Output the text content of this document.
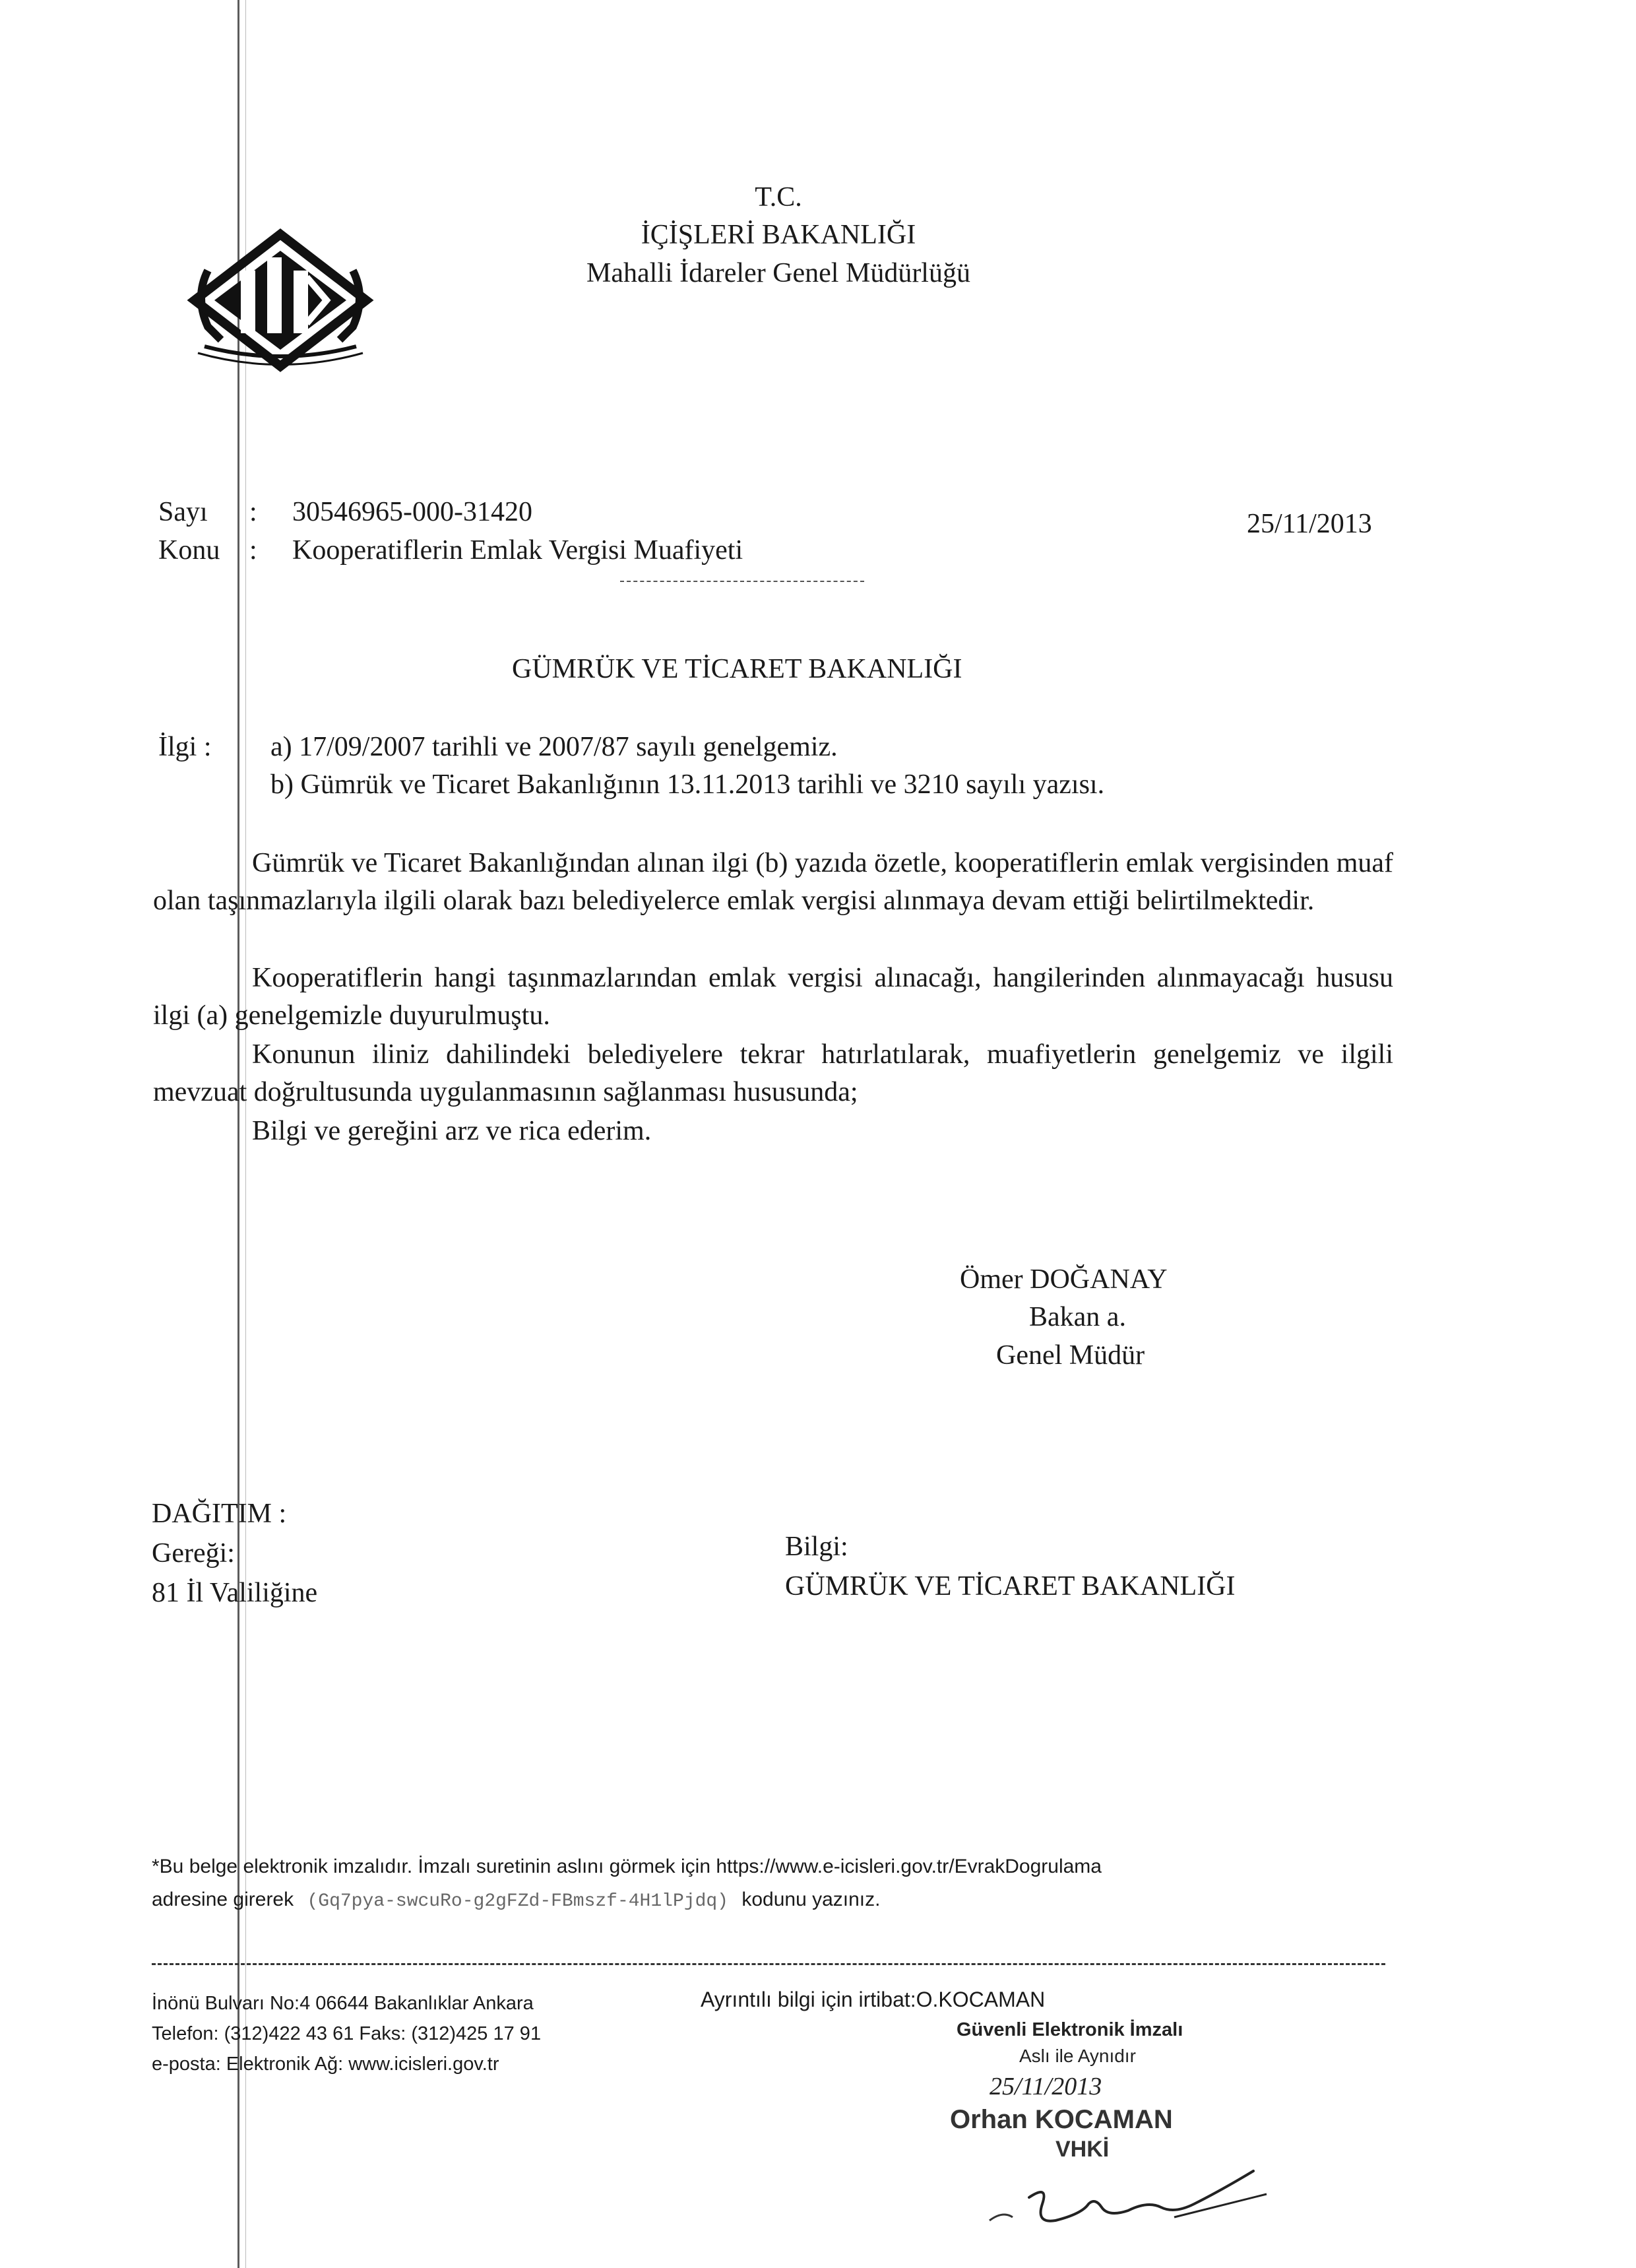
T.C.
İÇİŞLERİ BAKANLIĞI
Mahalli İdareler Genel Müdürlüğü
Sayı : 30546965-000-31420
Konu : Kooperatiflerin Emlak Vergisi Muafiyeti
25/11/2013
GÜMRÜK VE TİCARET BAKANLIĞI
İlgi : a) 17/09/2007 tarihli ve 2007/87 sayılı genelgemiz.
b) Gümrük ve Ticaret Bakanlığının 13.11.2013 tarihli ve 3210 sayılı yazısı.
Gümrük ve Ticaret Bakanlığından alınan ilgi (b) yazıda özetle, kooperatiflerin emlak vergisinden muaf olan taşınmazlarıyla ilgili olarak bazı belediyelerce emlak vergisi alınmaya devam ettiği belirtilmektedir.
Kooperatiflerin hangi taşınmazlarından emlak vergisi alınacağı, hangilerinden alınmayacağı hususu ilgi (a) genelgemizle duyurulmuştu.
Konunun iliniz dahilindeki belediyelere tekrar hatırlatılarak, muafiyetlerin genelgemiz ve ilgili mevzuat doğrultusunda uygulanmasının sağlanması hususunda;
Bilgi ve gereğini arz ve rica ederim.
Ömer DOĞANAY
Bakan a.
Genel Müdür
DAĞITIM :
Gereği:
81 İl Valiliğine
Bilgi:
GÜMRÜK VE TİCARET BAKANLIĞI
*Bu belge elektronik imzalıdır. İmzalı suretinin aslını görmek için https://www.e-icisleri.gov.tr/EvrakDogrulama
adresine girerek (Gq7pya-swcuRo-g2gFZd-FBmszf-4H1lPjdq) kodunu yazınız.
İnönü Bulvarı No:4 06644 Bakanlıklar Ankara
Telefon: (312)422 43 61 Faks: (312)425 17 91
e-posta: Elektronik Ağ: www.icisleri.gov.tr
Ayrıntılı bilgi için irtibat:O.KOCAMAN
Güvenli Elektronik İmzalı
Aslı ile Aynıdır
25/11/2013
Orhan KOCAMAN
VHKİ
